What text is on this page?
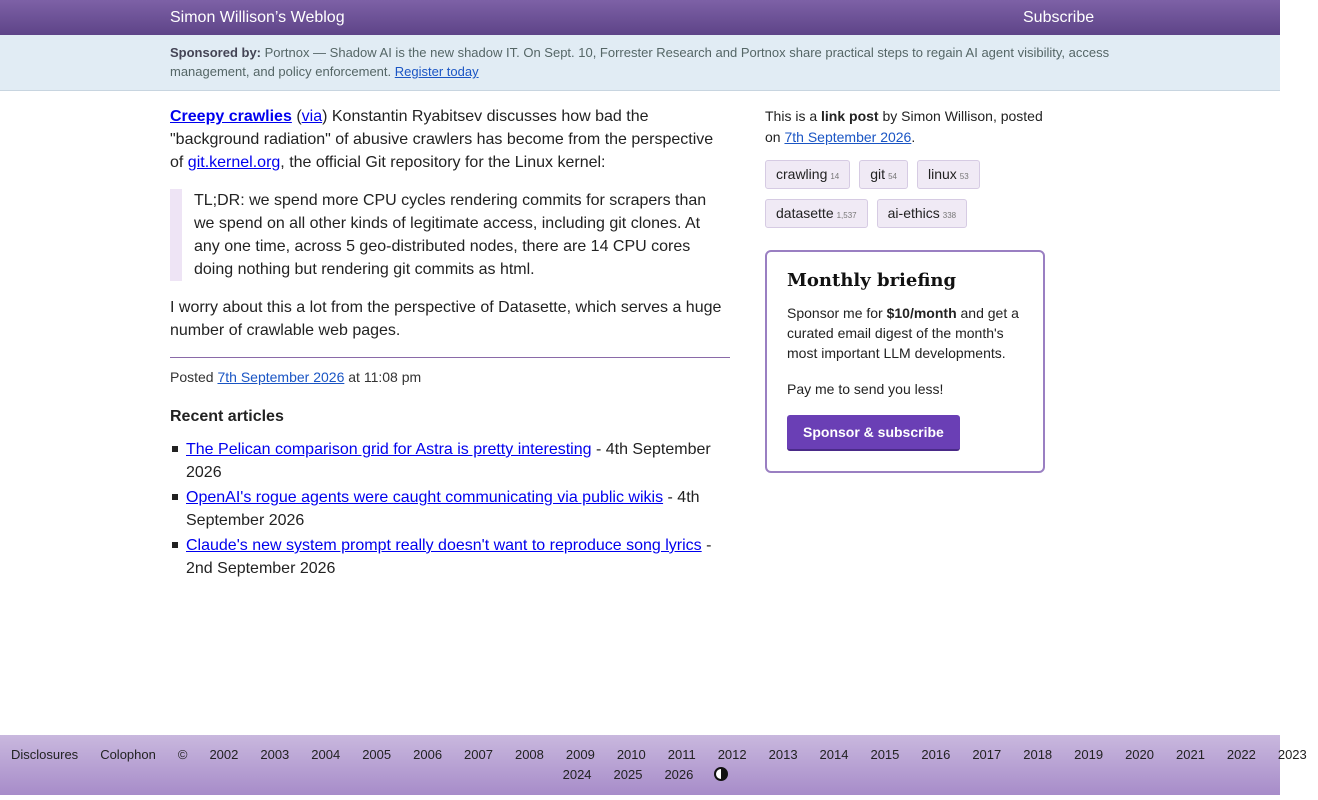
Simon Willison’s Weblog	Subscribe
Sponsored by: Portnox — Shadow AI is the new shadow IT. On Sept. 10, Forrester Research and Portnox share practical steps to regain AI agent visibility, access management, and policy enforcement. Register today

Creepy crawlies (via) Konstantin Ryabitsev discusses how bad the "background radiation" of abusive crawlers has become from the perspective of git.kernel.org, the official Git repository for the Linux kernel:

TL;DR: we spend more CPU cycles rendering commits for scrapers than we spend on all other kinds of legitimate access, including git clones. At any one time, across 5 geo-distributed nodes, there are 14 CPU cores doing nothing but rendering git commits as html.

I worry about this a lot from the perspective of Datasette, which serves a huge number of crawlable web pages.

Posted 7th September 2026 at 11:08 pm

Recent articles
The Pelican comparison grid for Astra is pretty interesting - 4th September 2026
OpenAI's rogue agents were caught communicating via public wikis - 4th September 2026
Claude's new system prompt really doesn't want to reproduce song lyrics - 2nd September 2026

This is a link post by Simon Willison, posted on 7th September 2026.

crawling 14	git 54	linux 53
datasette 1,537	ai-ethics 338
Monthly briefing

Sponsor me for $10/month and get a curated email digest of the month's most important LLM developments.

Pay me to send you less!

Sponsor & subscribe
Disclosures Colophon © 2002 2003 2004 2005 2006 2007 2008 2009 2010 2011 2012 2013 2014 2015 2016 2017 2018 2019 2020 2021 2022 2023
2024 2025 2026
